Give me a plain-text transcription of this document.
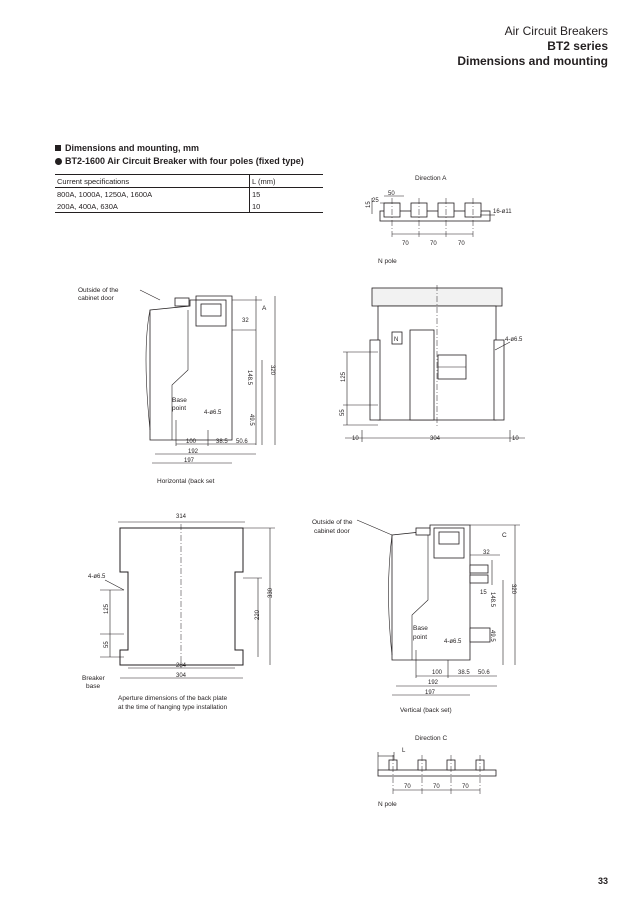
Air Circuit Breakers
BT2 series
Dimensions and mounting
Dimensions and mounting, mm
BT2-1600 Air Circuit Breaker with four poles (fixed type)
Current specifications	L (mm)
800A, 1000A, 1250A, 1600A	15
200A, 400A, 630A	10
Direction A
15
25
50
16-ø11
70	70	70
N pole
Outside of the
cabinet door
32
A
320
148.5
49.5
Base
point
4-ø6.5
100	38.5 50.6
192
197
Horizontal (back set
N
125
55
4-ø6.5
10	304	10
314
4-ø6.5
125
55
220
330
284
304
Breaker
base
Aperture dimensions of the back plate
at the time of hanging type installation
Outside of the
cabinet door
32
15
C
320
148.5
49.5
Base
point
4-ø6.5
100	38.5 50.6
192
197
Vertical (back set)
Direction C
L
70	70	70
N pole
33
